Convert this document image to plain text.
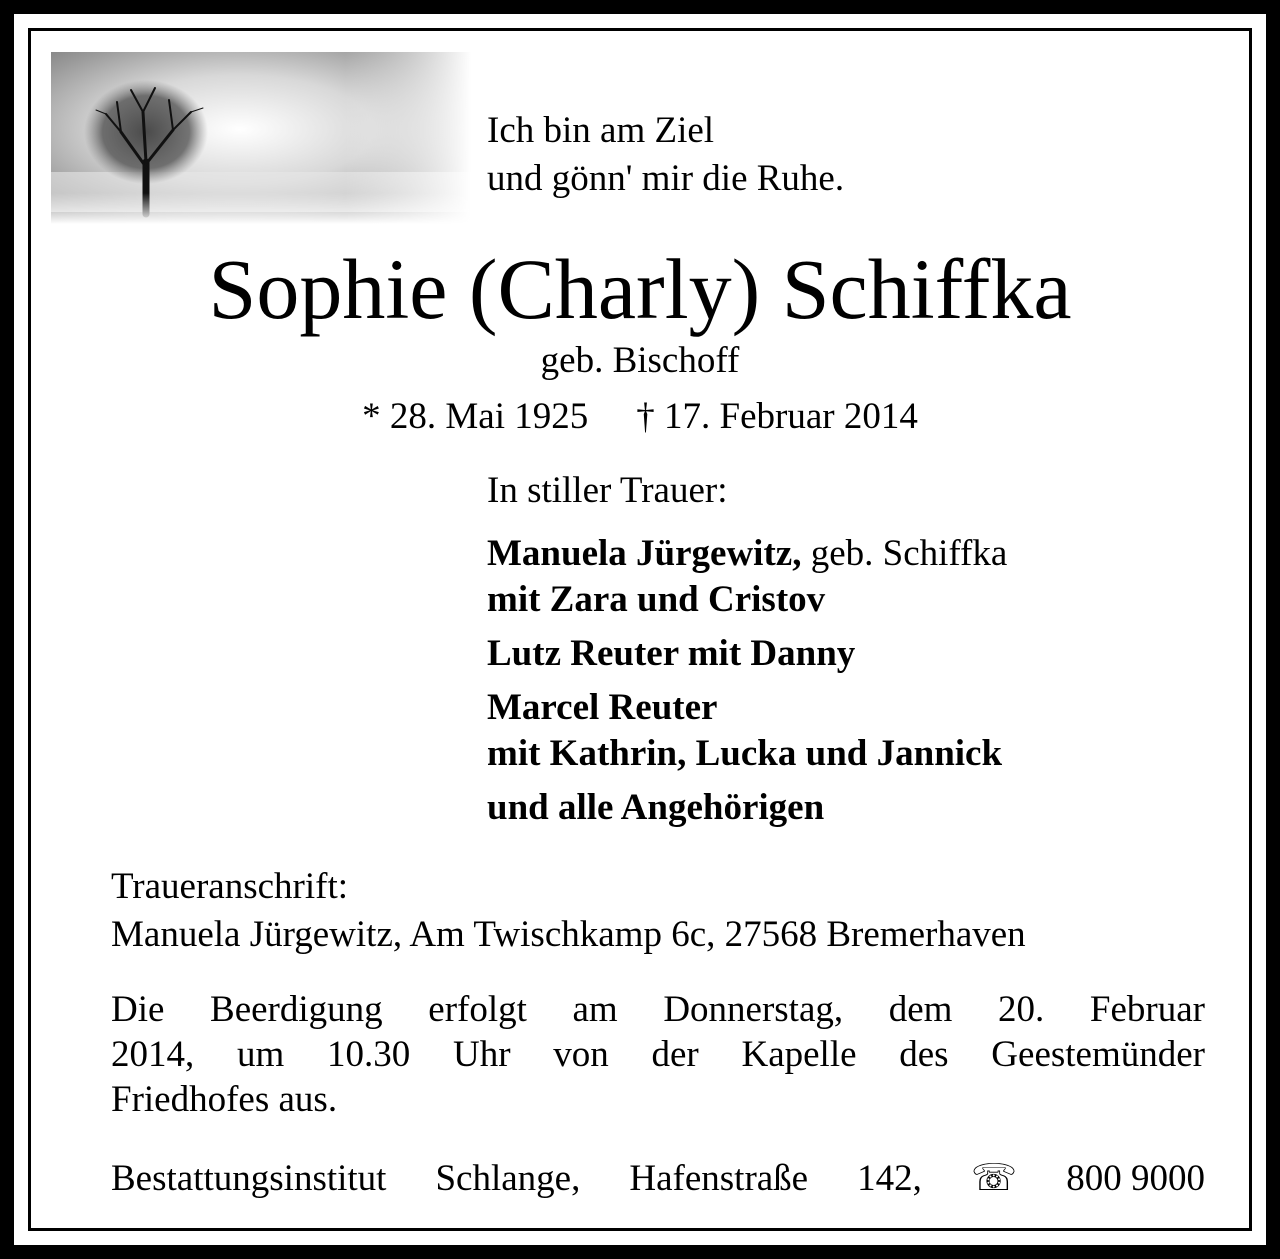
Ich bin am Ziel
und gönn' mir die Ruhe.
Sophie (Charly) Schiffka
geb. Bischoff
* 28. Mai 1925 † 17. Februar 2014
In stiller Trauer:
Manuela Jürgewitz, geb. Schiffka
mit Zara und Cristov
Lutz Reuter mit Danny
Marcel Reuter
mit Kathrin, Lucka und Jannick
und alle Angehörigen
Traueranschrift:
Manuela Jürgewitz, Am Twischkamp 6c, 27568 Bremerhaven
Die Beerdigung erfolgt am Donnerstag, dem 20. Februar
2014, um 10.30 Uhr von der Kapelle des Geestemünder
Friedhofes aus.
Bestattungsinstitut Schlange, Hafenstraße 142, ☏ 800 9000
